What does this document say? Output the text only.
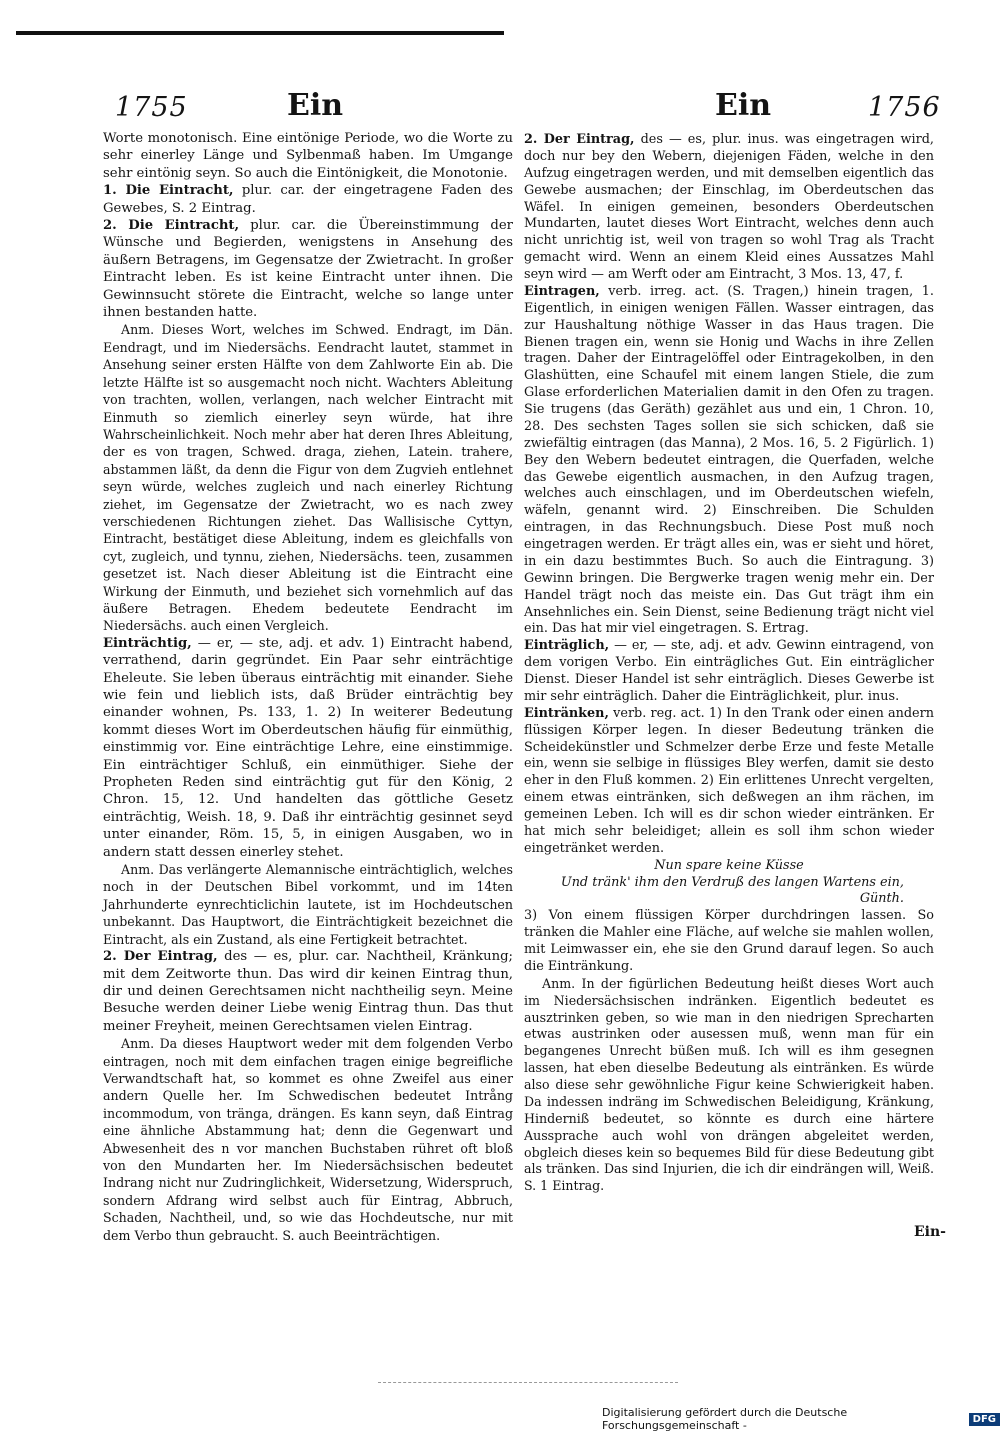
1755	Ein	Ein	1756

Worte monotonisch. Eine eintönige Periode, wo die Worte zu sehr einerley Länge und Sylbenmaß haben. Im Umgange sehr eintönig seyn. So auch die Eintönigkeit, die Monotonie.

1. Die Eintracht, plur. car. der eingetragene Faden des Gewebes, S. 2 Eintrag.

2. Die Eintracht, plur. car. die Übereinstimmung der Wünsche und Begierden, wenigstens in Ansehung des äußern Betragens, im Gegensatze der Zwietracht. In großer Eintracht leben. Es ist keine Eintracht unter ihnen. Die Gewinnsucht störete die Eintracht, welche so lange unter ihnen bestanden hatte.

Anm. Dieses Wort, welches im Schwed. Endragt, im Dän. Eendragt, und im Niedersächs. Eendracht lautet, stammet in Ansehung seiner ersten Hälfte von dem Zahlworte Ein ab. Die letzte Hälfte ist so ausgemacht noch nicht. Wachters Ableitung von trachten, wollen, verlangen, nach welcher Eintracht mit Einmuth so ziemlich einerley seyn würde, hat ihre Wahrscheinlichkeit. Noch mehr aber hat deren Ihres Ableitung, der es von tragen, Schwed. draga, ziehen, Latein. trahere, abstammen läßt, da denn die Figur von dem Zugvieh entlehnet seyn würde, welches zugleich und nach einerley Richtung ziehet, im Gegensatze der Zwietracht, wo es nach zwey verschiedenen Richtungen ziehet. Das Wallisische Cyttyn, Eintracht, bestätiget diese Ableitung, indem es gleichfalls von cyt, zugleich, und tynnu, ziehen, Niedersächs. teen, zusammen gesetzet ist. Nach dieser Ableitung ist die Eintracht eine Wirkung der Einmuth, und beziehet sich vornehmlich auf das äußere Betragen. Ehedem bedeutete Eendracht im Niedersächs. auch einen Vergleich.

Einträchtig, — er, — ste, adj. et adv. 1) Eintracht habend, verrathend, darin gegründet. Ein Paar sehr einträchtige Eheleute. Sie leben überaus einträchtig mit einander. Siehe wie fein und lieblich ists, daß Brüder einträchtig bey einander wohnen, Ps. 133, 1. 2) In weiterer Bedeutung kommt dieses Wort im Oberdeutschen häufig für einmüthig, einstimmig vor. Eine einträchtige Lehre, eine einstimmige. Ein einträchtiger Schluß, ein einmüthiger. Siehe der Propheten Reden sind einträchtig gut für den König, 2 Chron. 15, 12. Und handelten das göttliche Gesetz einträchtig, Weish. 18, 9. Daß ihr einträchtig gesinnet seyd unter einander, Röm. 15, 5, in einigen Ausgaben, wo in andern statt dessen einerley stehet.

Anm. Das verlängerte Alemannische einträchtiglich, welches noch in der Deutschen Bibel vorkommt, und im 14ten Jahrhunderte eynrechticlichin lautete, ist im Hochdeutschen unbekannt. Das Hauptwort, die Einträchtigkeit bezeichnet die Eintracht, als ein Zustand, als eine Fertigkeit betrachtet.

2. Der Eintrag, des — es, plur. car. Nachtheil, Kränkung; mit dem Zeitworte thun. Das wird dir keinen Eintrag thun, dir und deinen Gerechtsamen nicht nachtheilig seyn. Meine Besuche werden deiner Liebe wenig Eintrag thun. Das thut meiner Freyheit, meinen Gerechtsamen vielen Eintrag.

Anm. Da dieses Hauptwort weder mit dem folgenden Verbo eintragen, noch mit dem einfachen tragen einige begreifliche Verwandtschaft hat, so kommet es ohne Zweifel aus einer andern Quelle her. Im Schwedischen bedeutet Intrång incommodum, von tränga, drängen. Es kann seyn, daß Eintrag eine ähnliche Abstammung hat; denn die Gegenwart und Abwesenheit des n vor manchen Buchstaben rühret oft bloß von den Mundarten her. Im Niedersächsischen bedeutet Indrang nicht nur Zudringlichkeit, Widersetzung, Widerspruch, sondern Afdrang wird selbst auch für Eintrag, Abbruch, Schaden, Nachtheil, und, so wie das Hochdeutsche, nur mit dem Verbo thun gebraucht. S. auch Beeinträchtigen.

2. Der Eintrag, des — es, plur. inus. was eingetragen wird, doch nur bey den Webern, diejenigen Fäden, welche in den Aufzug eingetragen werden, und mit demselben eigentlich das Gewebe ausmachen; der Einschlag, im Oberdeutschen das Wäfel. In einigen gemeinen, besonders Oberdeutschen Mundarten, lautet dieses Wort Eintracht, welches denn auch nicht unrichtig ist, weil von tragen so wohl Trag als Tracht gemacht wird. Wenn an einem Kleid eines Aussatzes Mahl seyn wird — am Werft oder am Eintracht, 3 Mos. 13, 47, f.

Eintragen, verb. irreg. act. (S. Tragen,) hinein tragen, 1. Eigentlich, in einigen wenigen Fällen. Wasser eintragen, das zur Haushaltung nöthige Wasser in das Haus tragen. Die Bienen tragen ein, wenn sie Honig und Wachs in ihre Zellen tragen. Daher der Eintragelöffel oder Eintragekolben, in den Glashütten, eine Schaufel mit einem langen Stiele, die zum Glase erforderlichen Materialien damit in den Ofen zu tragen. Sie trugens (das Geräth) gezählet aus und ein, 1 Chron. 10, 28. Des sechsten Tages sollen sie sich schicken, daß sie zwiefältig eintragen (das Manna), 2 Mos. 16, 5. 2 Figürlich. 1) Bey den Webern bedeutet eintragen, die Querfaden, welche das Gewebe eigentlich ausmachen, in den Aufzug tragen, welches auch einschlagen, und im Oberdeutschen wiefeln, wäfeln, genannt wird. 2) Einschreiben. Die Schulden eintragen, in das Rechnungsbuch. Diese Post muß noch eingetragen werden. Er trägt alles ein, was er sieht und höret, in ein dazu bestimmtes Buch. So auch die Eintragung. 3) Gewinn bringen. Die Bergwerke tragen wenig mehr ein. Der Handel trägt noch das meiste ein. Das Gut trägt ihm ein Ansehnliches ein. Sein Dienst, seine Bedienung trägt nicht viel ein. Das hat mir viel eingetragen. S. Ertrag.

Einträglich, — er, — ste, adj. et adv. Gewinn eintragend, von dem vorigen Verbo. Ein einträgliches Gut. Ein einträglicher Dienst. Dieser Handel ist sehr einträglich. Dieses Gewerbe ist mir sehr einträglich. Daher die Einträglichkeit, plur. inus.

Eintränken, verb. reg. act. 1) In den Trank oder einen andern flüssigen Körper legen. In dieser Bedeutung tränken die Scheidekünstler und Schmelzer derbe Erze und feste Metalle ein, wenn sie selbige in flüssiges Bley werfen, damit sie desto eher in den Fluß kommen. 2) Ein erlittenes Unrecht vergelten, einem etwas eintränken, sich deßwegen an ihm rächen, im gemeinen Leben. Ich will es dir schon wieder eintränken. Er hat mich sehr beleidiget; allein es soll ihm schon wieder eingetränket werden.

Nun spare keine Küsse

Und tränk' ihm den Verdruß des langen Wartens ein, Günth.

3) Von einem flüssigen Körper durchdringen lassen. So tränken die Mahler eine Fläche, auf welche sie mahlen wollen, mit Leimwasser ein, ehe sie den Grund darauf legen. So auch die Eintränkung.

Anm. In der figürlichen Bedeutung heißt dieses Wort auch im Niedersächsischen indränken. Eigentlich bedeutet es ausztrinken geben, so wie man in den niedrigen Sprecharten etwas austrinken oder ausessen muß, wenn man für ein begangenes Unrecht büßen muß. Ich will es ihm gesegnen lassen, hat eben dieselbe Bedeutung als eintränken. Es würde also diese sehr gewöhnliche Figur keine Schwierigkeit haben. Da indessen indräng im Schwedischen Beleidigung, Kränkung, Hinderniß bedeutet, so könnte es durch eine härtere Aussprache auch wohl von drängen abgeleitet werden, obgleich dieses kein so bequemes Bild für diese Bedeutung gibt als tränken. Das sind Injurien, die ich dir eindrängen will, Weiß. S. 1 Eintrag.

Ein-
Digitalisierung gefördert durch die Deutsche Forschungsgemeinschaft -	DFG
